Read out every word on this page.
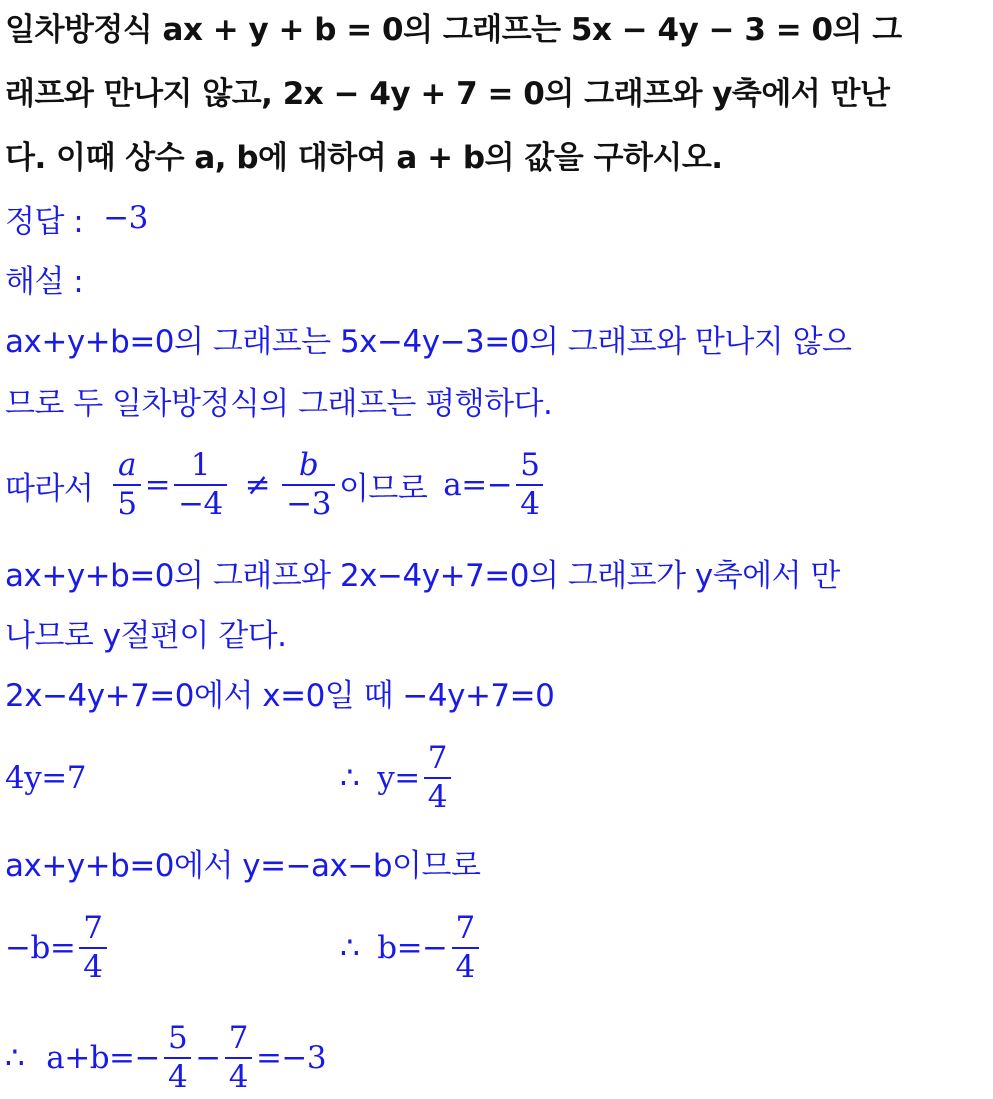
일차방정식 ax + y + b = 0의 그래프는 5x − 4y − 3 = 0의 그
래프와 만나지 않고, 2x − 4y + 7 = 0의 그래프와 y축에서 만난
다. 이때 상수 a, b에 대하여 a + b의 값을 구하시오.
정답 : −3
해설 :
ax+y+b=0의 그래프는 5x−4y−3=0의 그래프와 만나지 않으
므로 두 일차방정식의 그래프는 평행하다.
따라서 $\frac{a}{5} = \frac{1}{-4} \ne \frac{b}{-3}$ 이므로 $a=- \frac{5}{4}$
ax+y+b=0의 그래프와 2x−4y+7=0의 그래프가 y축에서 만
나므로 y절편이 같다.
2x−4y+7=0에서 x=0일 때 −4y+7=0
4y=7	∴ $y= \frac{7}{4}$
ax+y+b=0에서 y=−ax−b이므로
$-b= \frac{7}{4}$	∴ $b=- \frac{7}{4}$
∴ $a+b=- \frac{5}{4} - \frac{7}{4} =-3$
